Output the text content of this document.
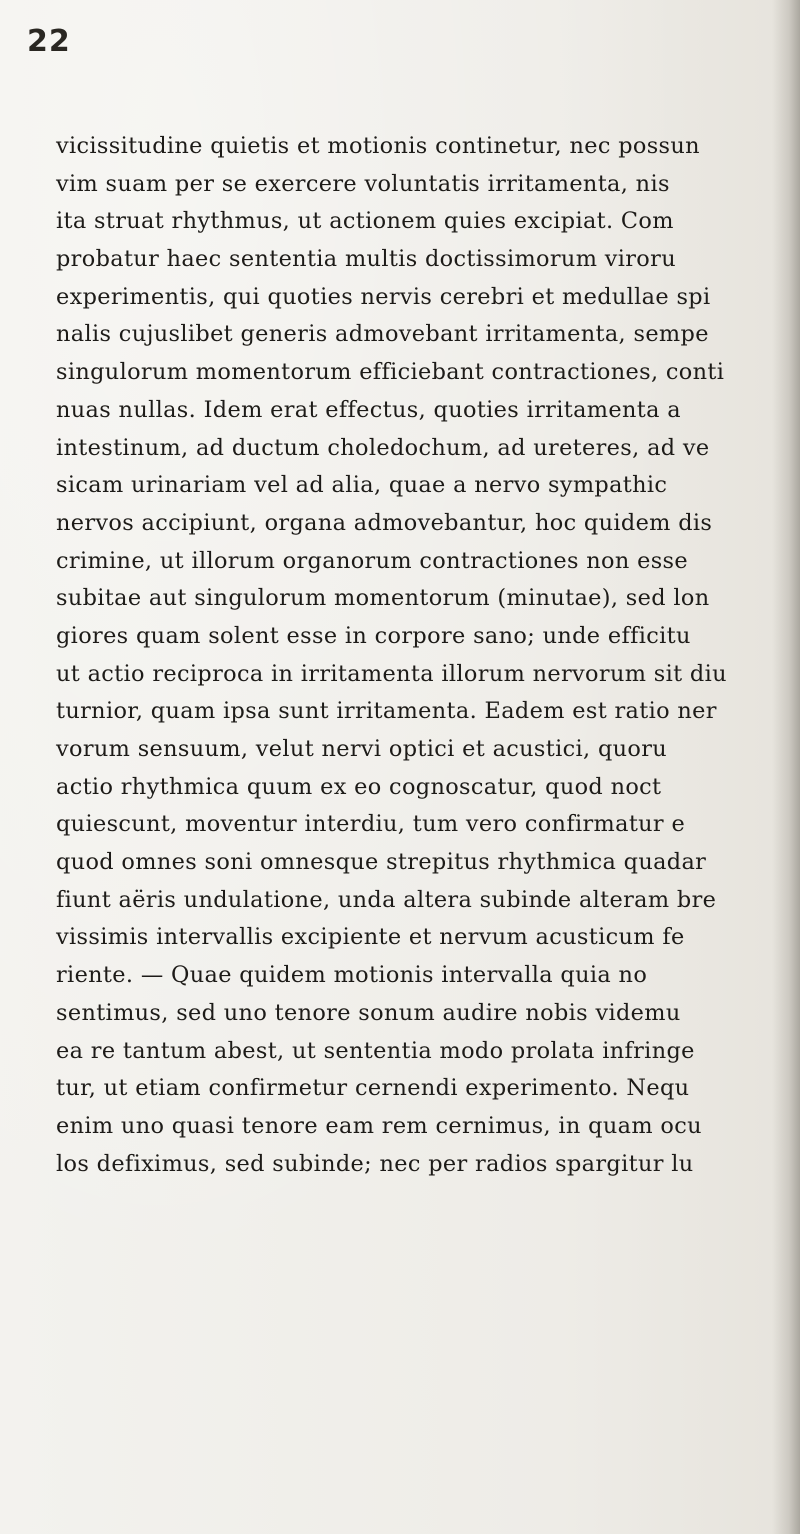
22
vicissitudine quietis et motionis continetur, nec possun
vim suam per se exercere voluntatis irritamenta, nis
ita struat rhythmus, ut actionem quies excipiat. Com
probatur haec sententia multis doctissimorum viroru
experimentis, qui quoties nervis cerebri et medullae spi
nalis cujuslibet generis admovebant irritamenta, sempe
singulorum momentorum efficiebant contractiones, conti
nuas nullas. Idem erat effectus, quoties irritamenta a
intestinum, ad ductum choledochum, ad ureteres, ad ve
sicam urinariam vel ad alia, quae a nervo sympathic
nervos accipiunt, organa admovebantur, hoc quidem dis
crimine, ut illorum organorum contractiones non esse
subitae aut singulorum momentorum (minutae), sed lon
giores quam solent esse in corpore sano; unde efficitu
ut actio reciproca in irritamenta illorum nervorum sit diu
turnior, quam ipsa sunt irritamenta. Eadem est ratio ner
vorum sensuum, velut nervi optici et acustici, quoru
actio rhythmica quum ex eo cognoscatur, quod noct
quiescunt, moventur interdiu, tum vero confirmatur e
quod omnes soni omnesque strepitus rhythmica quadar
fiunt aëris undulatione, unda altera subinde alteram bre
vissimis intervallis excipiente et nervum acusticum fe
riente. — Quae quidem motionis intervalla quia no
sentimus, sed uno tenore sonum audire nobis videmu
ea re tantum abest, ut sententia modo prolata infringe
tur, ut etiam confirmetur cernendi experimento. Nequ
enim uno quasi tenore eam rem cernimus, in quam ocu
los defiximus, sed subinde; nec per radios spargitur lu
